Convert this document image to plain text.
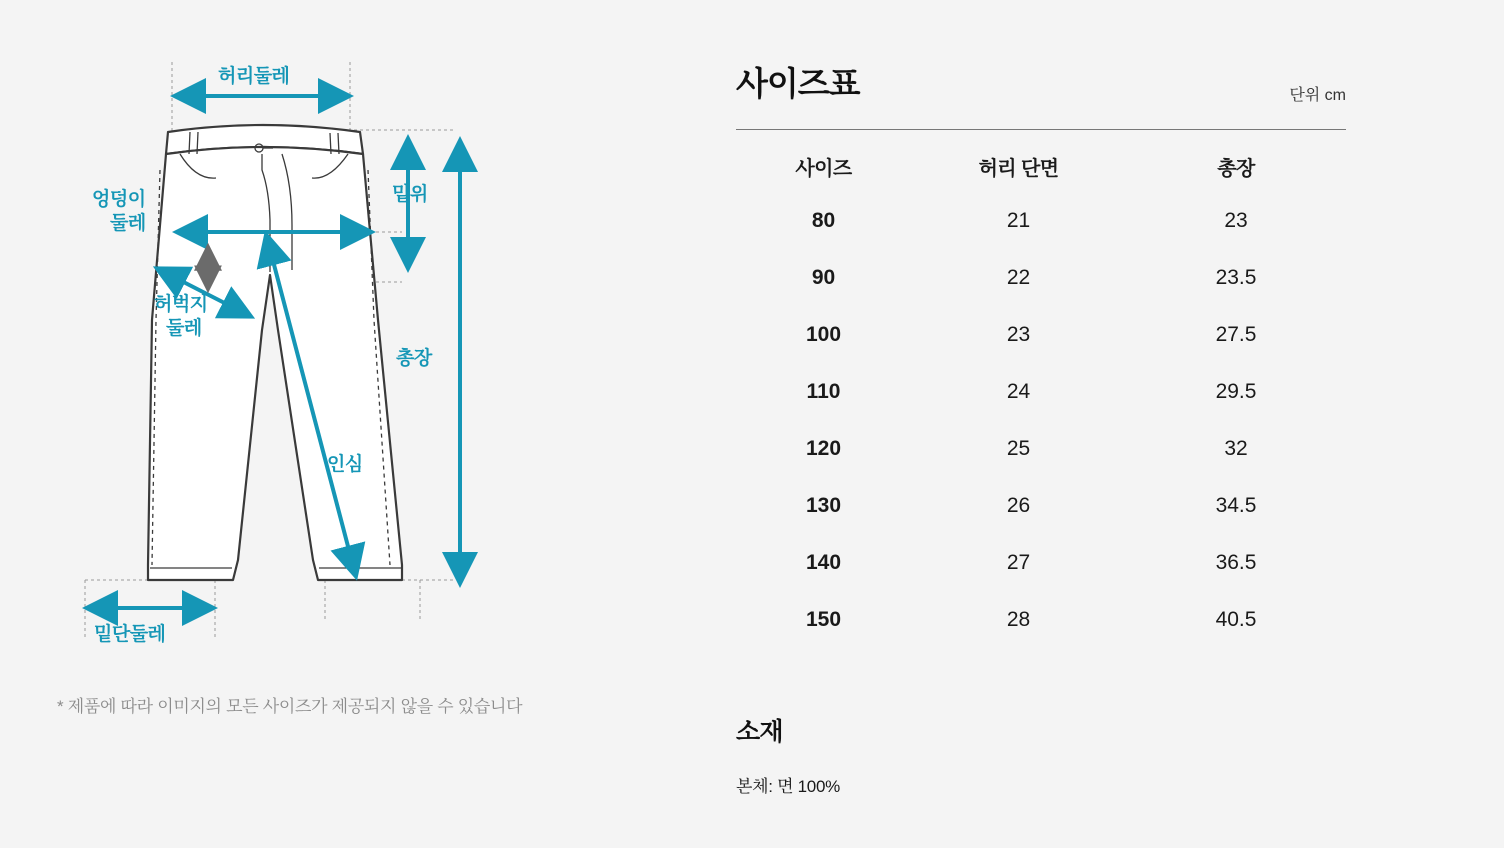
허리둘레
엉덩이
둘레
허벅지
둘레
밑위
총장
인심
밑단둘레
* 제품에 따라 이미지의 모든 사이즈가 제공되지 않을 수 있습니다
사이즈표	단위 cm
사이즈	허리 단면	총장
80	21	23
90	22	23.5
100	23	27.5
110	24	29.5
120	25	32
130	26	34.5
140	27	36.5
150	28	40.5
소재
본체: 면 100%
